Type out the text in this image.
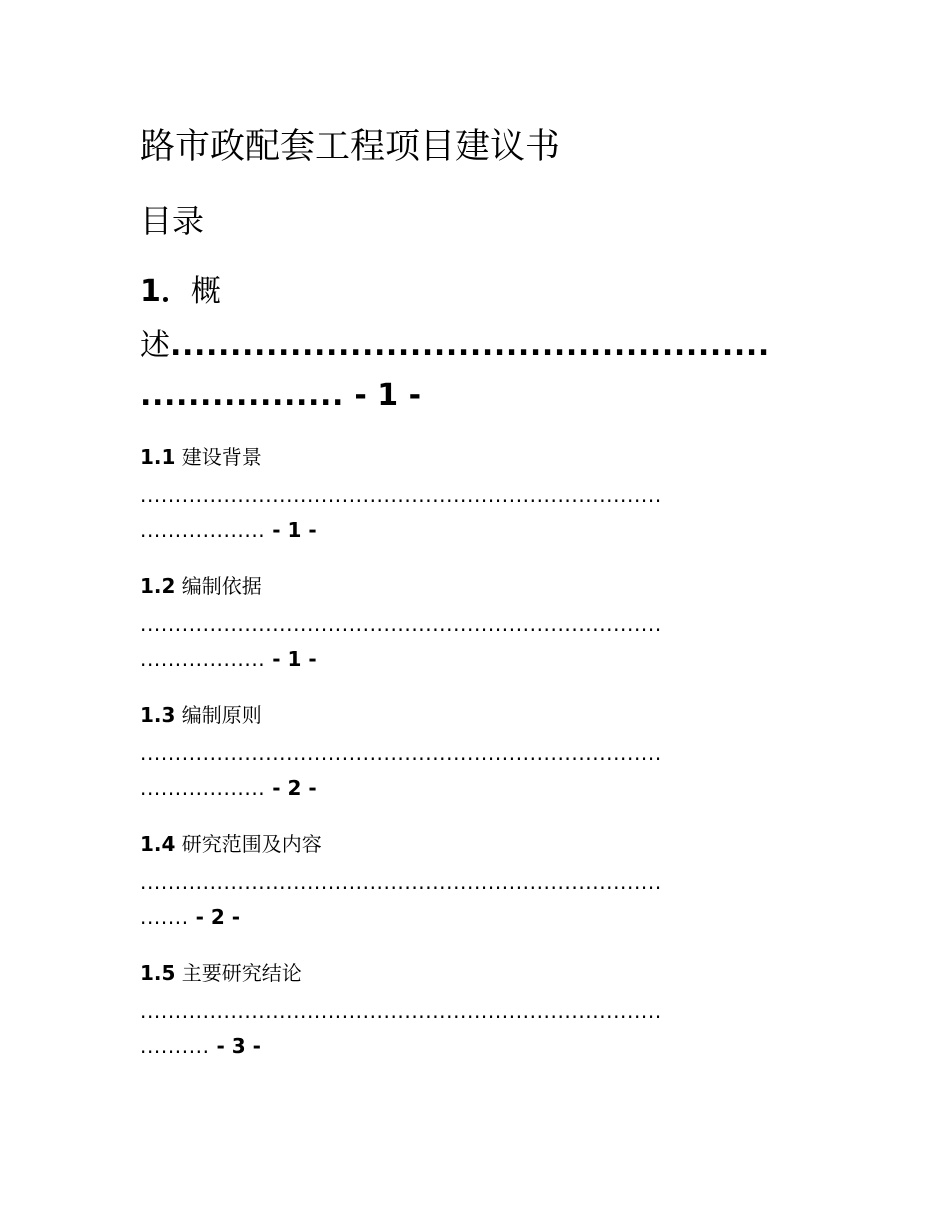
路市政配套工程项目建议书
目录
1．概
述..................................................
................. - 1 -
1.1 建设背景
...........................................................................
.................. - 1 -
1.2 编制依据
...........................................................................
.................. - 1 -
1.3 编制原则
...........................................................................
.................. - 2 -
1.4 研究范围及内容
...........................................................................
....... - 2 -
1.5 主要研究结论
...........................................................................
.......... - 3 -
